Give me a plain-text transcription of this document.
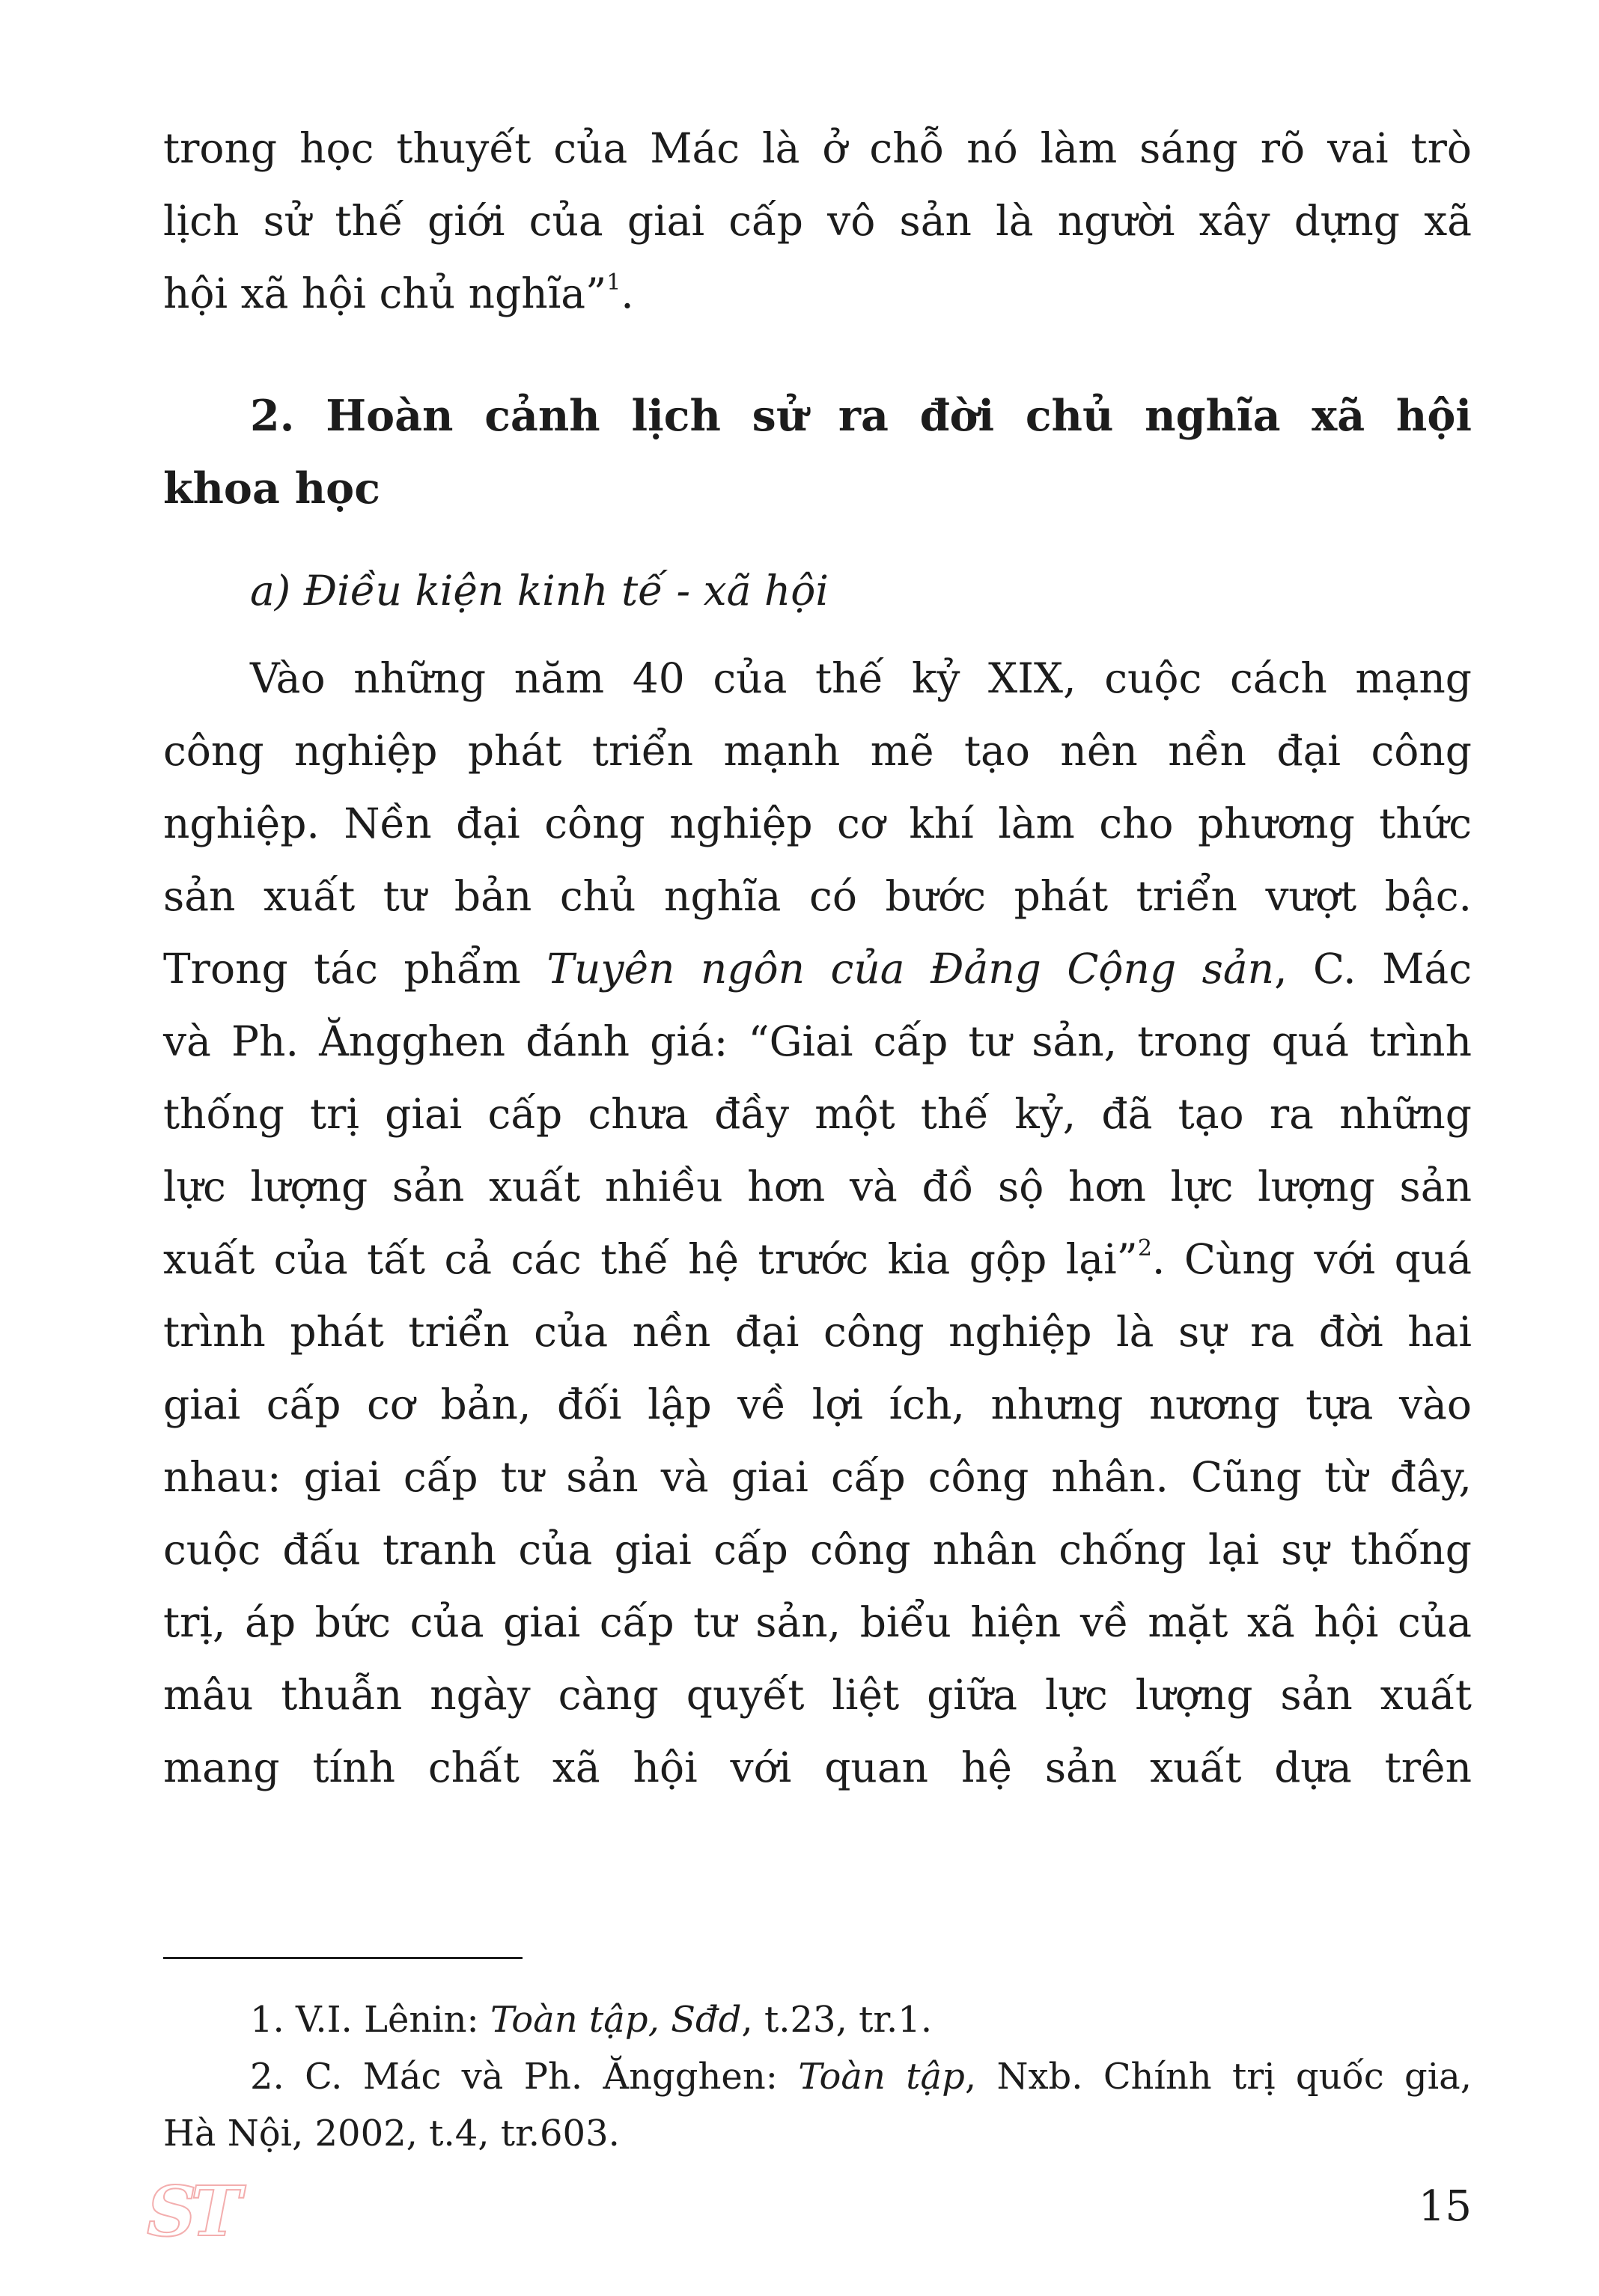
trong học thuyết của Mác là ở chỗ nó làm sáng rõ vai trò
lịch sử thế giới của giai cấp vô sản là người xây dựng xã
hội xã hội chủ nghĩa”$^1$.
2. Hoàn cảnh lịch sử ra đời chủ nghĩa xã hội
khoa học
a) Điều kiện kinh tế - xã hội
Vào những năm 40 của thế kỷ XIX, cuộc cách mạng
công nghiệp phát triển mạnh mẽ tạo nên nền đại công
nghiệp. Nền đại công nghiệp cơ khí làm cho phương thức
sản xuất tư bản chủ nghĩa có bước phát triển vượt bậc.
Trong tác phẩm Tuyên ngôn của Đảng Cộng sản, C. Mác
và Ph. Ăngghen đánh giá: “Giai cấp tư sản, trong quá trình
thống trị giai cấp chưa đầy một thế kỷ, đã tạo ra những
lực lượng sản xuất nhiều hơn và đồ sộ hơn lực lượng sản
xuất của tất cả các thế hệ trước kia gộp lại”$^2$. Cùng với quá
trình phát triển của nền đại công nghiệp là sự ra đời hai
giai cấp cơ bản, đối lập về lợi ích, nhưng nương tựa vào
nhau: giai cấp tư sản và giai cấp công nhân. Cũng từ đây,
cuộc đấu tranh của giai cấp công nhân chống lại sự thống
trị, áp bức của giai cấp tư sản, biểu hiện về mặt xã hội của
mâu thuẫn ngày càng quyết liệt giữa lực lượng sản xuất
mang tính chất xã hội với quan hệ sản xuất dựa trên
1. V.I. Lênin: Toàn tập, Sđd, t.23, tr.1.
2. C. Mác và Ph. Ăngghen: Toàn tập, Nxb. Chính trị quốc gia,
Hà Nội, 2002, t.4, tr.603.
ST	15
